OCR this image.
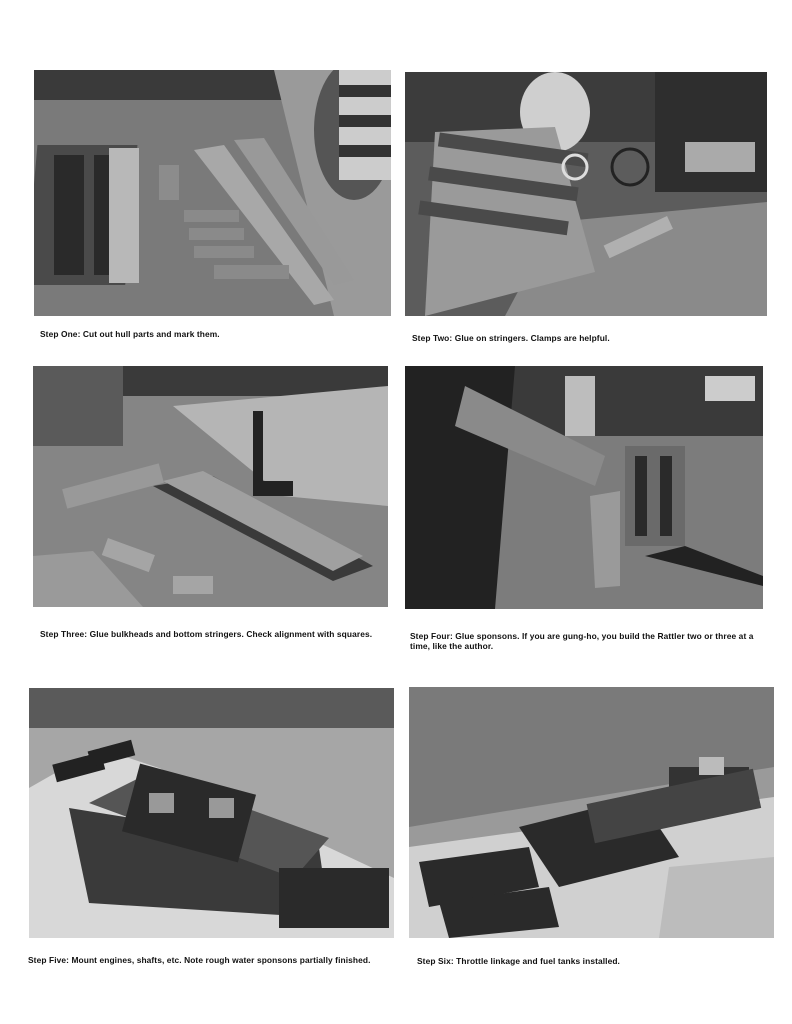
Step One: Cut out hull parts and mark them.	Step Two: Glue on stringers. Clamps are helpful.
Step Three: Glue bulkheads and bottom stringers. Check alignment with squares.	Step Four: Glue sponsons. If you are gung-ho, you build the Rattler two or three at a time, like the author.
Step Five: Mount engines, shafts, etc. Note rough water sponsons partially finished.	Step Six: Throttle linkage and fuel tanks installed.
